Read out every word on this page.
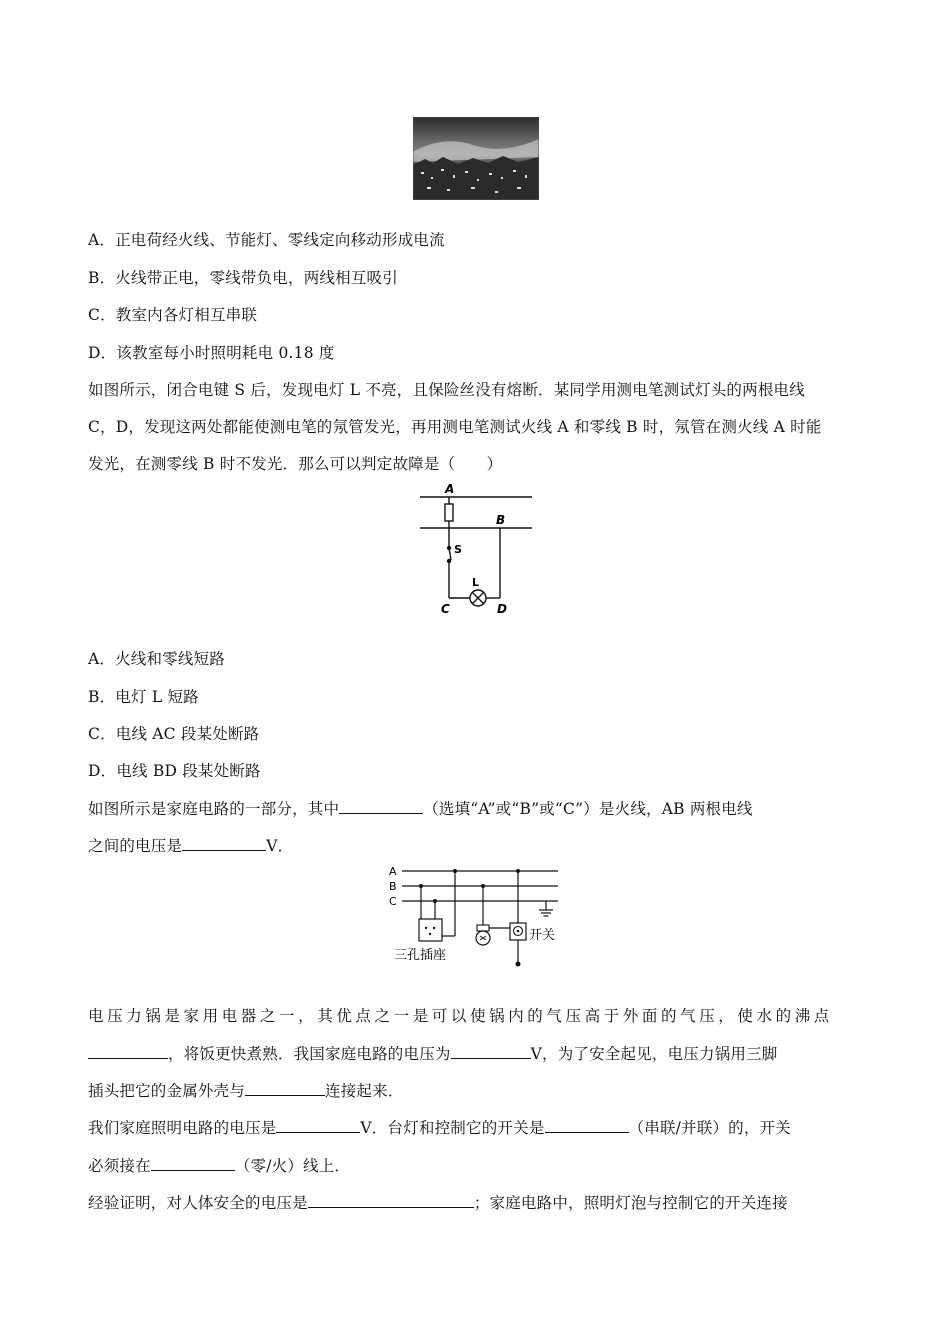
A．正电荷经火线、节能灯、零线定向移动形成电流
B．火线带正电，零线带负电，两线相互吸引
C．教室内各灯相互串联
D．该教室每小时照明耗电 0.18 度
如图所示，闭合电键 S 后，发现电灯 L 不亮，且保险丝没有熔断．某同学用测电笔测试灯头的两根电线
C，D，发现这两处都能使测电笔的氖管发光，再用测电笔测试火线 A 和零线 B 时，氖管在测火线 A 时能
发光，在测零线 B 时不发光．那么可以判定故障是（　　）
A
B
S
L
C	D
A．火线和零线短路
B．电灯 L 短路
C．电线 AC 段某处断路
D．电线 BD 段某处断路
如图所示是家庭电路的一部分，其中	（选填“A”或“B”或“C”）是火线，AB 两根电线
之间的电压是	V．
A
B
C
开关
三孔插座
电压力锅是家用电器之一，其优点之一是可以使锅内的气压高于外面的气压，使水的沸点
，将饭更快煮熟．我国家庭电路的电压为	V，为了安全起见，电压力锅用三脚
插头把它的金属外壳与	连接起来．
我们家庭照明电路的电压是	V．台灯和控制它的开关是	（串联/并联）的，开关
必须接在	（零/火）线上．
经验证明，对人体安全的电压是	；家庭电路中，照明灯泡与控制它的开关连接
